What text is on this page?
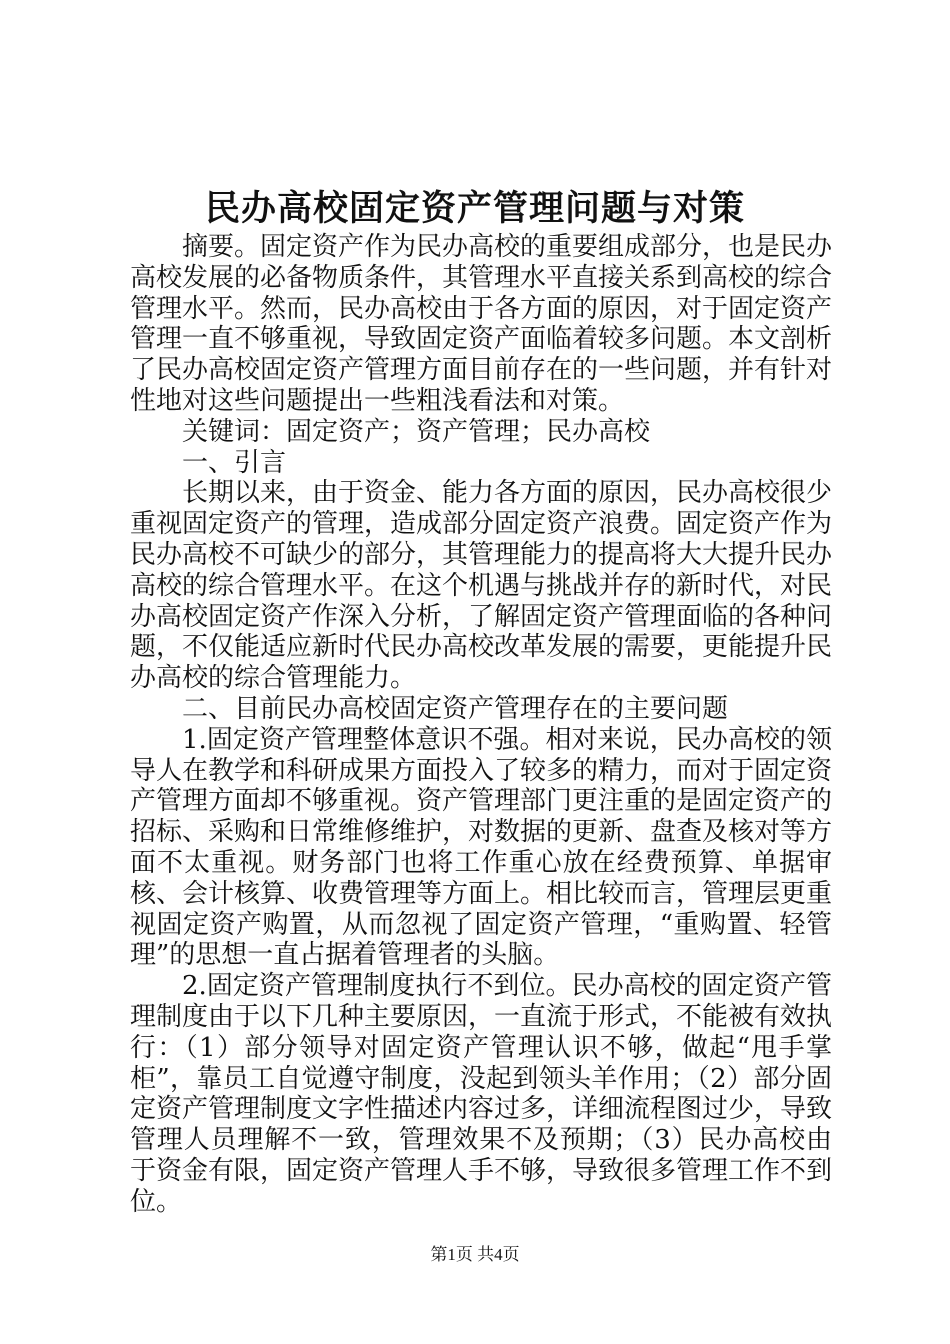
民办高校固定资产管理问题与对策

摘要。固定资产作为民办高校的重要组成部分，也是民办高校发展的必备物质条件，其管理水平直接关系到高校的综合管理水平。然而，民办高校由于各方面的原因，对于固定资产管理一直不够重视，导致固定资产面临着较多问题。本文剖析了民办高校固定资产管理方面目前存在的一些问题，并有针对性地对这些问题提出一些粗浅看法和对策。

关键词：固定资产；资产管理；民办高校

一、引言

长期以来，由于资金、能力各方面的原因，民办高校很少重视固定资产的管理，造成部分固定资产浪费。固定资产作为民办高校不可缺少的部分，其管理能力的提高将大大提升民办高校的综合管理水平。在这个机遇与挑战并存的新时代，对民办高校固定资产作深入分析，了解固定资产管理面临的各种问题，不仅能适应新时代民办高校改革发展的需要，更能提升民办高校的综合管理能力。

二、目前民办高校固定资产管理存在的主要问题

1.固定资产管理整体意识不强。相对来说，民办高校的领导人在教学和科研成果方面投入了较多的精力，而对于固定资产管理方面却不够重视。资产管理部门更注重的是固定资产的招标、采购和日常维修维护，对数据的更新、盘查及核对等方面不太重视。财务部门也将工作重心放在经费预算、单据审核、会计核算、收费管理等方面上。相比较而言，管理层更重视固定资产购置，从而忽视了固定资产管理，“重购置、轻管理”的思想一直占据着管理者的头脑。

2.固定资产管理制度执行不到位。民办高校的固定资产管理制度由于以下几种主要原因，一直流于形式，不能被有效执行：（1）部分领导对固定资产管理认识不够，做起“甩手掌柜”，靠员工自觉遵守制度，没起到领头羊作用；（2）部分固定资产管理制度文字性描述内容过多，详细流程图过少，导致管理人员理解不一致，管理效果不及预期；（3）民办高校由于资金有限，固定资产管理人手不够，导致很多管理工作不到位。

第1页 共4页
